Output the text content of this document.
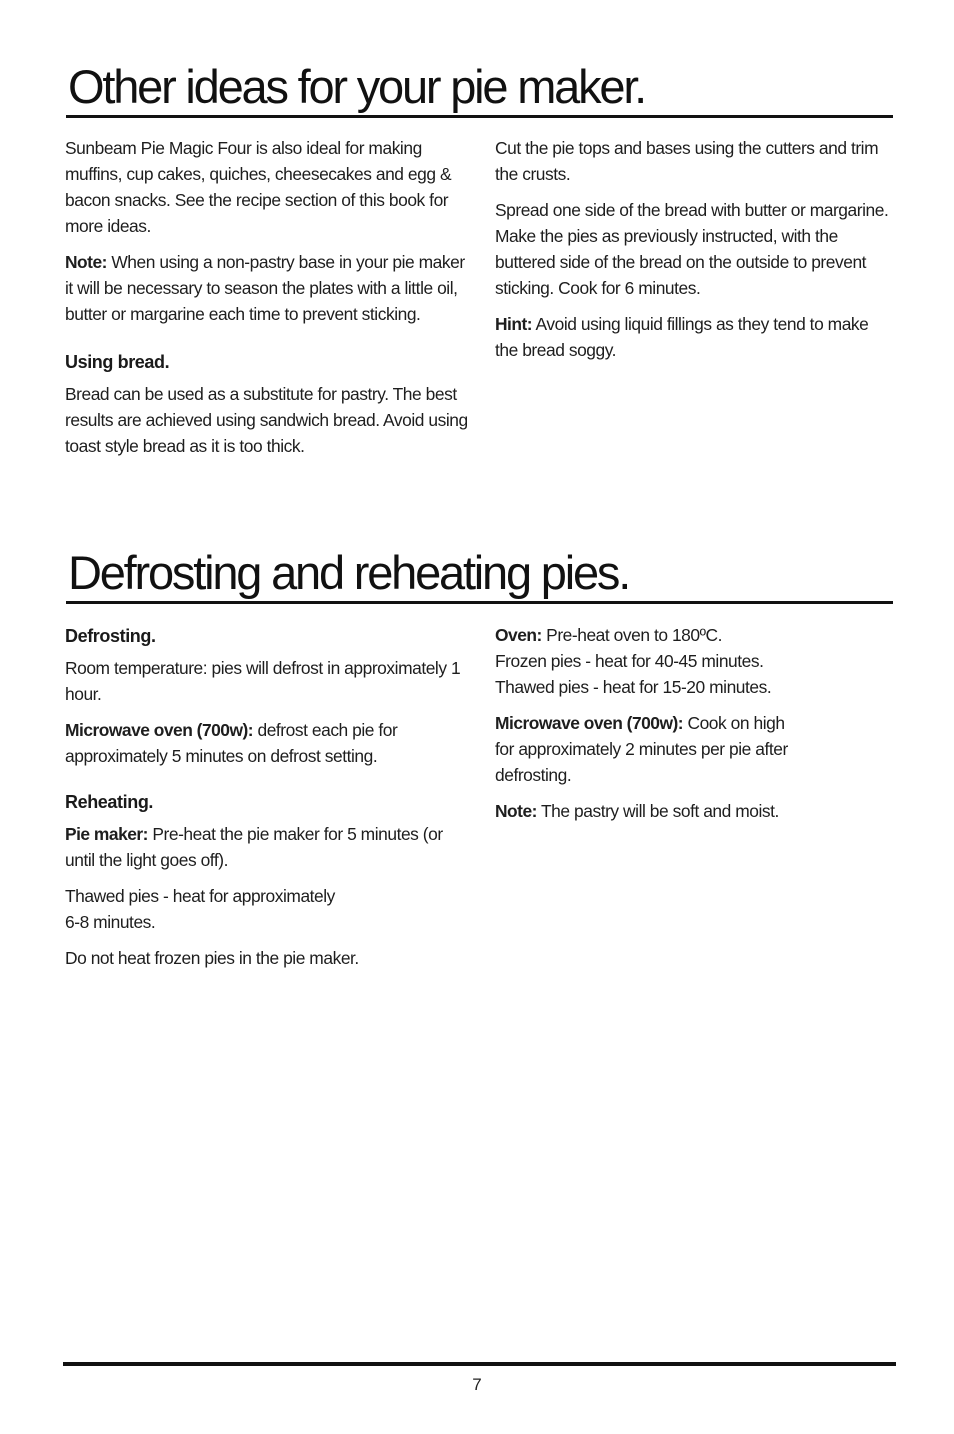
Other ideas for your pie maker.

Sunbeam Pie Magic Four is also ideal for making muffins, cup cakes, quiches, cheesecakes and egg & bacon snacks. See the recipe section of this book for more ideas.

Note: When using a non-pastry base in your pie maker it will be necessary to season the plates with a little oil, butter or margarine each time to prevent sticking.

Using bread.

Bread can be used as a substitute for pastry. The best results are achieved using sandwich bread. Avoid using toast style bread as it is too thick.

Cut the pie tops and bases using the cutters and trim the crusts.

Spread one side of the bread with butter or margarine. Make the pies as previously instructed, with the buttered side of the bread on the outside to prevent sticking. Cook for 6 minutes.

Hint: Avoid using liquid fillings as they tend to make the bread soggy.

Defrosting and reheating pies.
Defrosting.

Room temperature: pies will defrost in approximately 1 hour.

Microwave oven (700w): defrost each pie for approximately 5 minutes on defrost setting.

Reheating.

Pie maker: Pre-heat the pie maker for 5 minutes (or until the light goes off).

Thawed pies - heat for approximately

6-8 minutes.

Do not heat frozen pies in the pie maker.

Oven: Pre-heat oven to 180ºC.

Frozen pies - heat for 40-45 minutes.

Thawed pies - heat for 15-20 minutes.

Microwave oven (700w): Cook on high

for approximately 2 minutes per pie after defrosting.

Note: The pastry will be soft and moist.

7
